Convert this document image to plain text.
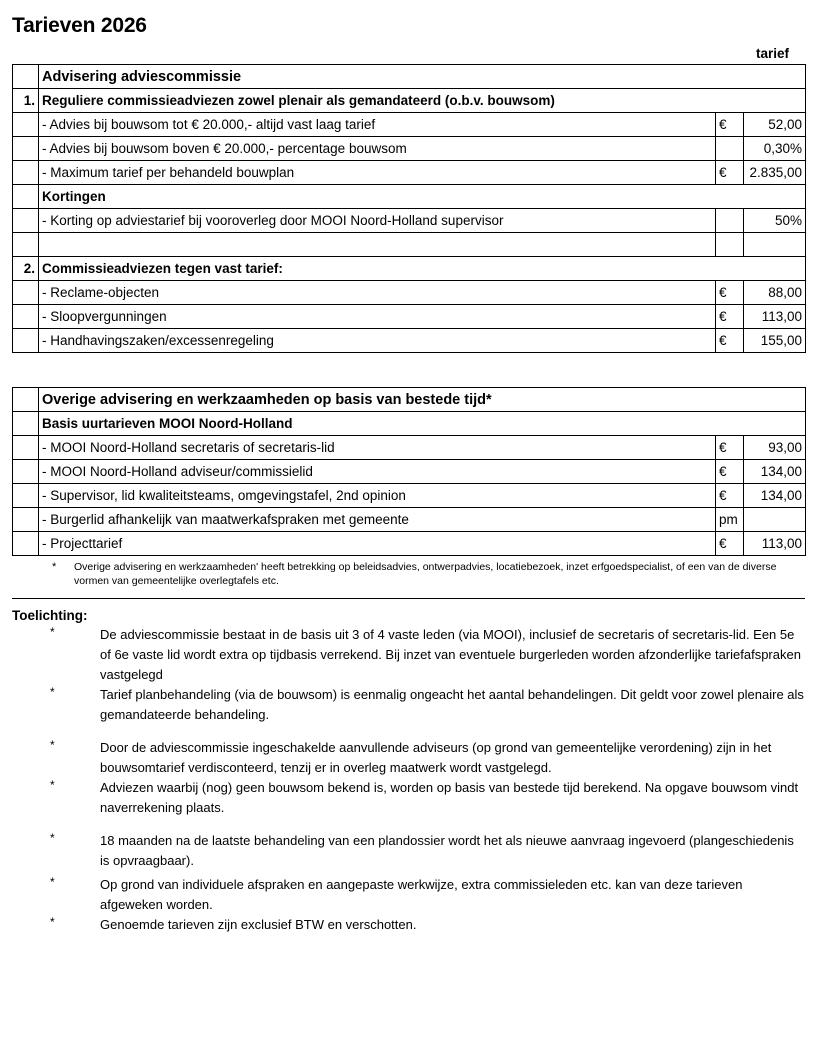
Tarieven 2026
tarief
	Advisering adviescommissie		
1.	Reguliere commissieadviezen zowel plenair als gemandateerd (o.b.v. bouwsom)		
	- Advies bij bouwsom tot € 20.000,- altijd vast laag tarief	€	52,00
	- Advies bij bouwsom boven € 20.000,- percentage bouwsom		0,30%
	- Maximum tarief per behandeld bouwplan	€	2.835,00
	Kortingen		
	- Korting op adviestarief bij vooroverleg door MOOI Noord-Holland supervisor		50%

2.	Commissieadviezen tegen vast tarief:		
	- Reclame-objecten	€	88,00
	- Sloopvergunningen	€	113,00
	- Handhavingszaken/excessenregeling	€	155,00
	Overige advisering en werkzaamheden op basis van bestede tijd*		
	Basis uurtarieven MOOI Noord-Holland		
	- MOOI Noord-Holland secretaris of secretaris-lid	€	93,00
	- MOOI Noord-Holland adviseur/commissielid	€	134,00
	- Supervisor, lid kwaliteitsteams, omgevingstafel, 2nd opinion	€	134,00
	- Burgerlid afhankelijk van maatwerkafspraken met gemeente	pm	
	- Projecttarief	€	113,00
*	Overige advisering en werkzaamheden' heeft betrekking op beleidsadvies, ontwerpadvies, locatiebezoek, inzet erfgoedspecialist, of een van de diverse vormen van gemeentelijke overlegtafels etc.
Toelichting:
*	De adviescommissie bestaat in de basis uit 3 of 4 vaste leden (via MOOI), inclusief de secretaris of secretaris-lid. Een 5e of 6e vaste lid wordt extra op tijdbasis verrekend. Bij inzet van eventuele burgerleden worden afzonderlijke tariefafspraken vastgelegd
*	Tarief planbehandeling (via de bouwsom) is eenmalig ongeacht het aantal behandelingen. Dit geldt voor zowel plenaire als gemandateerde behandeling.
*	Door de adviescommissie ingeschakelde aanvullende adviseurs (op grond van gemeentelijke verordening) zijn in het bouwsomtarief verdisconteerd, tenzij er in overleg maatwerk wordt vastgelegd.
*	Adviezen waarbij (nog) geen bouwsom bekend is, worden op basis van bestede tijd berekend. Na opgave bouwsom vindt naverrekening plaats.
*	18 maanden na de laatste behandeling van een plandossier wordt het als nieuwe aanvraag ingevoerd (plangeschiedenis is opvraagbaar).
*	Op grond van individuele afspraken en aangepaste werkwijze, extra commissieleden etc. kan van deze tarieven afgeweken worden.
*	Genoemde tarieven zijn exclusief BTW en verschotten.
